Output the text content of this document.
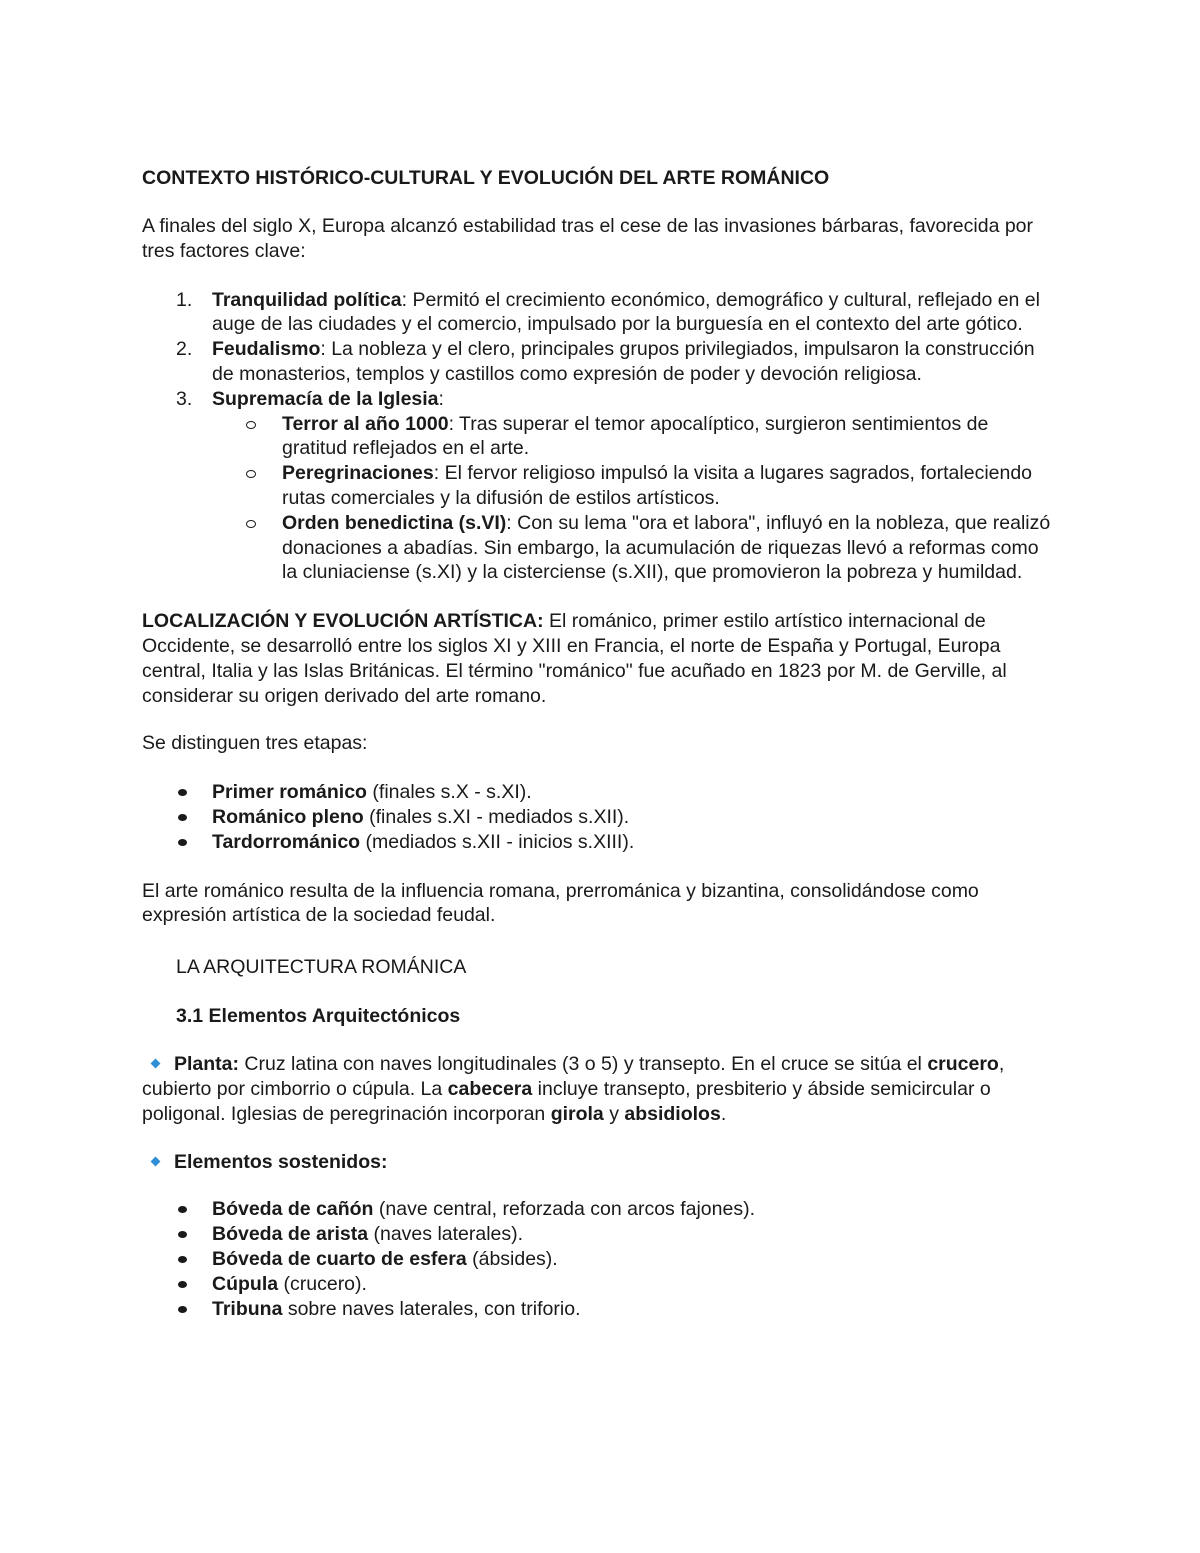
CONTEXTO HISTÓRICO-CULTURAL Y EVOLUCIÓN DEL ARTE ROMÁNICO

A finales del siglo X, Europa alcanzó estabilidad tras el cese de las invasiones bárbaras, favorecida por tres factores clave:

1. Tranquilidad política: Permitó el crecimiento económico, demográfico y cultural, reflejado en el auge de las ciudades y el comercio, impulsado por la burguesía en el contexto del arte gótico.
2. Feudalismo: La nobleza y el clero, principales grupos privilegiados, impulsaron la construcción de monasterios, templos y castillos como expresión de poder y devoción religiosa.
3. Supremacía de la Iglesia:
Terror al año 1000: Tras superar el temor apocalíptico, surgieron sentimientos de gratitud reflejados en el arte.
Peregrinaciones: El fervor religioso impulsó la visita a lugares sagrados, fortaleciendo rutas comerciales y la difusión de estilos artísticos.
Orden benedictina (s.VI): Con su lema "ora et labora", influyó en la nobleza, que realizó donaciones a abadías. Sin embargo, la acumulación de riquezas llevó a reformas como la cluniaciense (s.XI) y la cisterciense (s.XII), que promovieron la pobreza y humildad.

LOCALIZACIÓN Y EVOLUCIÓN ARTÍSTICA: El románico, primer estilo artístico internacional de Occidente, se desarrolló entre los siglos XI y XIII en Francia, el norte de España y Portugal, Europa central, Italia y las Islas Británicas. El término "románico" fue acuñado en 1823 por M. de Gerville, al considerar su origen derivado del arte romano.

Se distinguen tres etapas:

Primer románico (finales s.X - s.XI).
Románico pleno (finales s.XI - mediados s.XII).
Tardorrománico (mediados s.XII - inicios s.XIII).

El arte románico resulta de la influencia romana, prerrománica y bizantina, consolidándose como expresión artística de la sociedad feudal.

LA ARQUITECTURA ROMÁNICA

3.1 Elementos Arquitectónicos

Planta: Cruz latina con naves longitudinales (3 o 5) y transepto. En el cruce se sitúa el crucero, cubierto por cimborrio o cúpula. La cabecera incluye transepto, presbiterio y ábside semicircular o poligonal. Iglesias de peregrinación incorporan girola y absidiolos.

Elementos sostenidos:

Bóveda de cañón (nave central, reforzada con arcos fajones).
Bóveda de arista (naves laterales).
Bóveda de cuarto de esfera (ábsides).
Cúpula (crucero).
Tribuna sobre naves laterales, con triforio.
